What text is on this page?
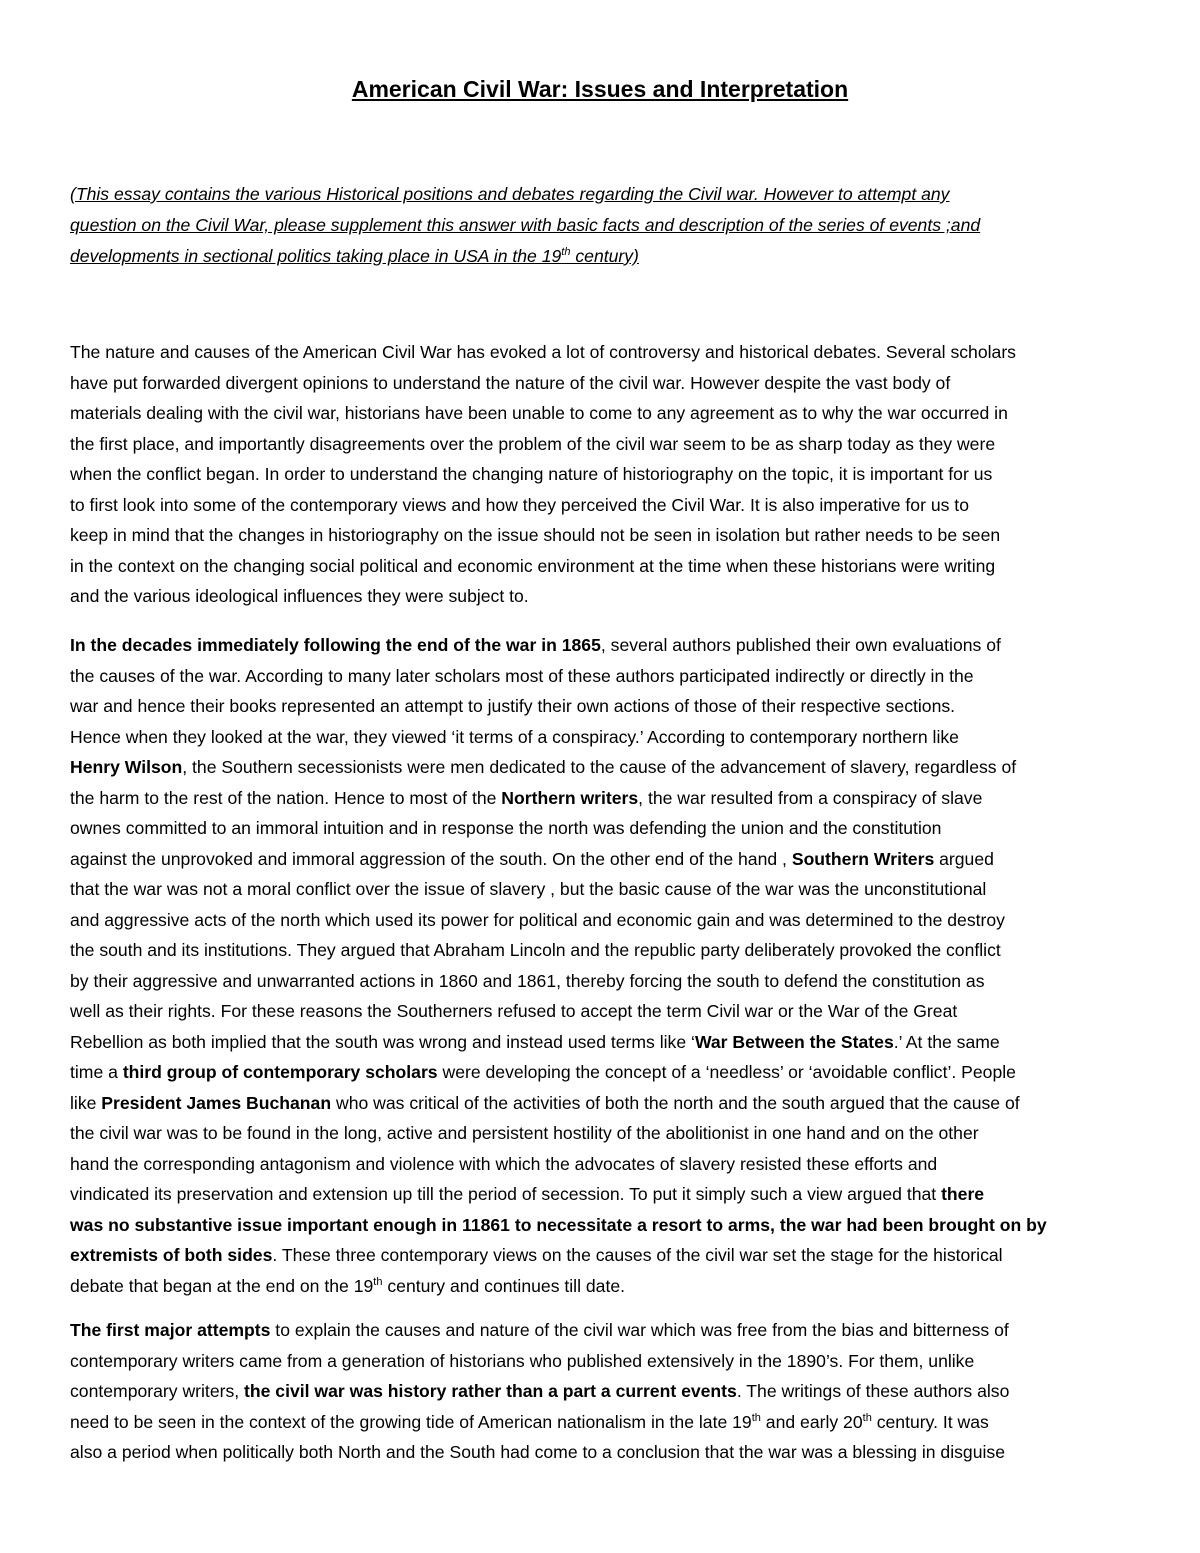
American Civil War: Issues and Interpretation
(This essay contains the various Historical positions and debates regarding the Civil war. However to attempt any
question on the Civil War, please supplement this answer with basic facts and description of the series of events ;and
developments in sectional politics taking place in USA in the 19th century)
The nature and causes of the American Civil War has evoked a lot of controversy and historical debates. Several scholars
have put forwarded divergent opinions to understand the nature of the civil war. However despite the vast body of
materials dealing with the civil war, historians have been unable to come to any agreement as to why the war occurred in
the first place, and importantly disagreements over the problem of the civil war seem to be as sharp today as they were
when the conflict began. In order to understand the changing nature of historiography on the topic, it is important for us
to first look into some of the contemporary views and how they perceived the Civil War. It is also imperative for us to
keep in mind that the changes in historiography on the issue should not be seen in isolation but rather needs to be seen
in the context on the changing social political and economic environment at the time when these historians were writing
and the various ideological influences they were subject to.
In the decades immediately following the end of the war in 1865, several authors published their own evaluations of
the causes of the war. According to many later scholars most of these authors participated indirectly or directly in the
war and hence their books represented an attempt to justify their own actions of those of their respective sections.
Hence when they looked at the war, they viewed ‘it terms of a conspiracy.’ According to contemporary northern like
Henry Wilson, the Southern secessionists were men dedicated to the cause of the advancement of slavery, regardless of
the harm to the rest of the nation. Hence to most of the Northern writers, the war resulted from a conspiracy of slave
ownes committed to an immoral intuition and in response the north was defending the union and the constitution
against the unprovoked and immoral aggression of the south. On the other end of the hand , Southern Writers argued
that the war was not a moral conflict over the issue of slavery , but the basic cause of the war was the unconstitutional
and aggressive acts of the north which used its power for political and economic gain and was determined to the destroy
the south and its institutions. They argued that Abraham Lincoln and the republic party deliberately provoked the conflict
by their aggressive and unwarranted actions in 1860 and 1861, thereby forcing the south to defend the constitution as
well as their rights. For these reasons the Southerners refused to accept the term Civil war or the War of the Great
Rebellion as both implied that the south was wrong and instead used terms like ‘War Between the States.’ At the same
time a third group of contemporary scholars were developing the concept of a ‘needless’ or ‘avoidable conflict’. People
like President James Buchanan who was critical of the activities of both the north and the south argued that the cause of
the civil war was to be found in the long, active and persistent hostility of the abolitionist in one hand and on the other
hand the corresponding antagonism and violence with which the advocates of slavery resisted these efforts and
vindicated its preservation and extension up till the period of secession. To put it simply such a view argued that there
was no substantive issue important enough in 11861 to necessitate a resort to arms, the war had been brought on by
extremists of both sides. These three contemporary views on the causes of the civil war set the stage for the historical
debate that began at the end on the 19th century and continues till date.
The first major attempts to explain the causes and nature of the civil war which was free from the bias and bitterness of
contemporary writers came from a generation of historians who published extensively in the 1890’s. For them, unlike
contemporary writers, the civil war was history rather than a part a current events. The writings of these authors also
need to be seen in the context of the growing tide of American nationalism in the late 19th and early 20th century. It was
also a period when politically both North and the South had come to a conclusion that the war was a blessing in disguise
